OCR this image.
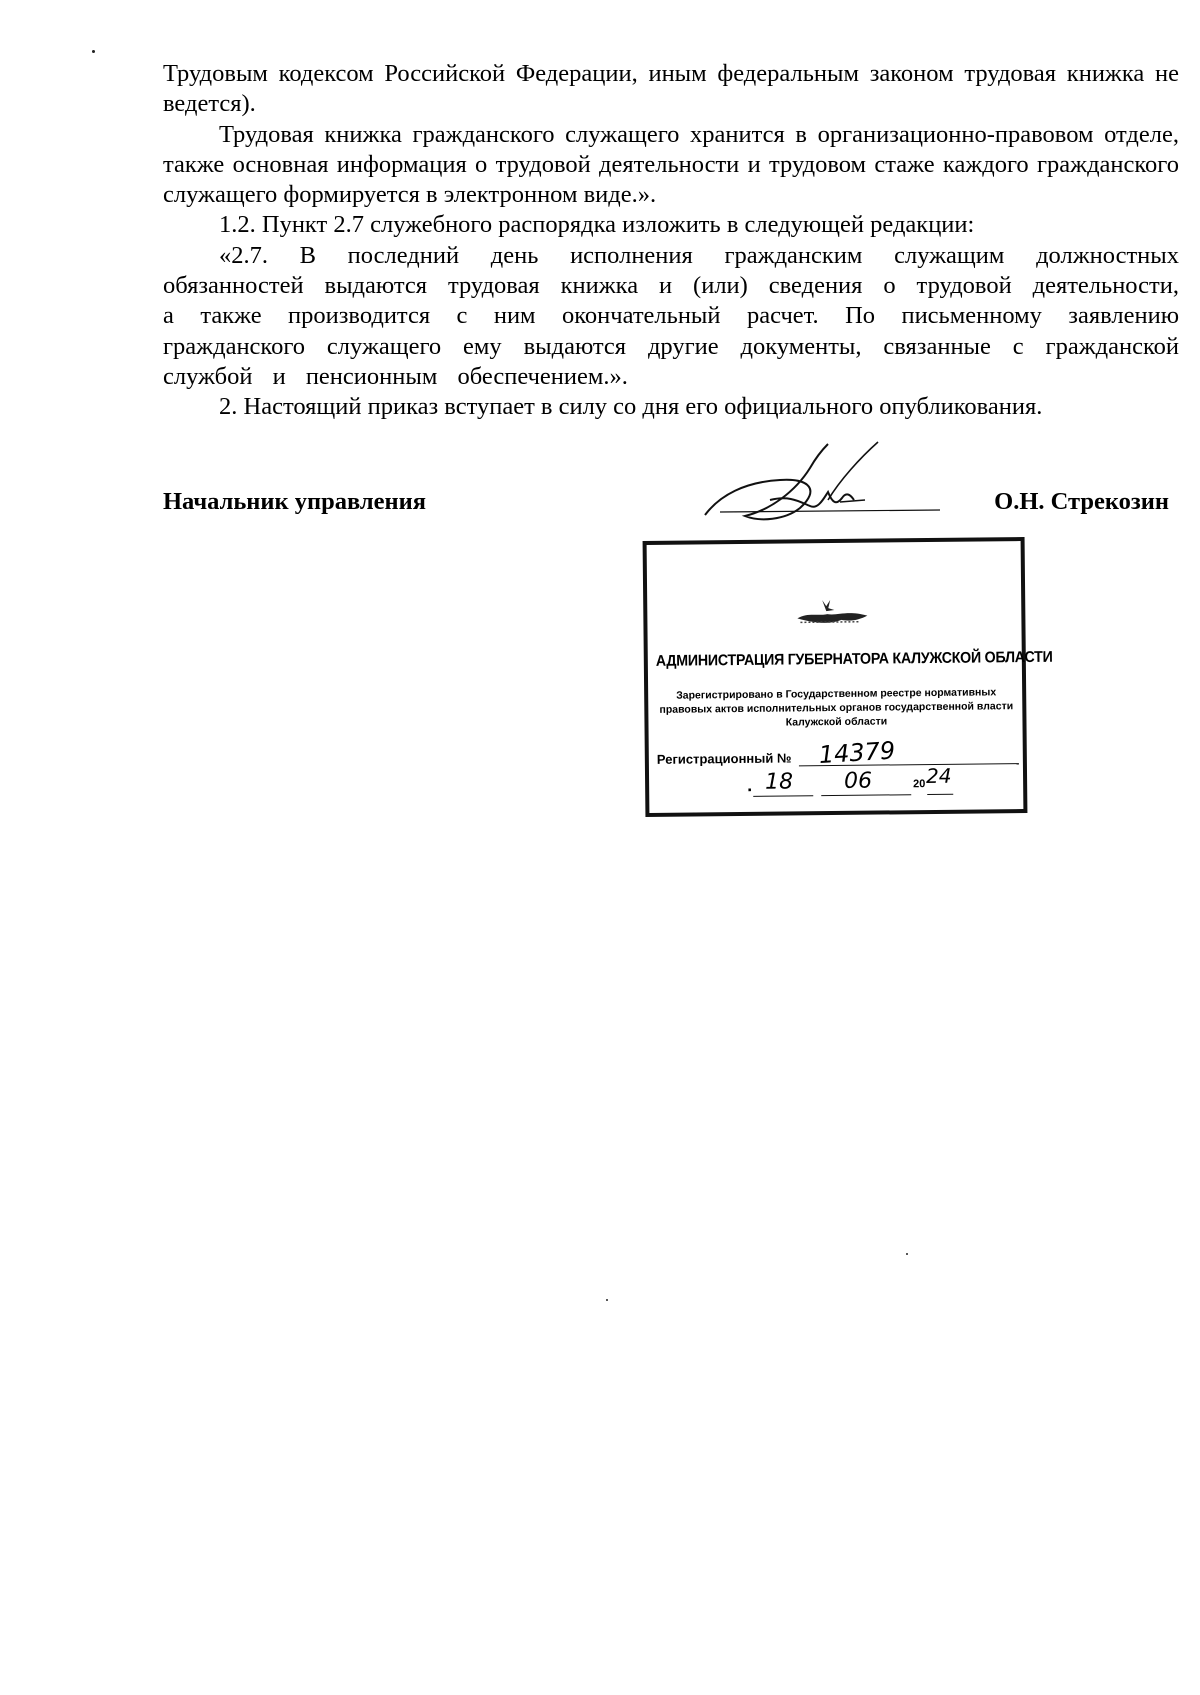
Трудовым кодексом Российской Федерации, иным федеральным законом трудовая книжка не ведется).

Трудовая книжка гражданского служащего хранится в организационно-правовом отделе, также основная информация о трудовой деятельности и трудовом стаже каждого гражданского служащего формируется в электронном виде.».

1.2. Пункт 2.7 служебного распорядка изложить в следующей редакции:

«2.7. В последний день исполнения гражданским служащим должностных обязанностей выдаются трудовая книжка и (или) сведения о трудовой деятельности, а также производится с ним окончательный расчет. По письменному заявлению гражданского служащего ему выдаются другие документы, связанные с гражданской службой и пенсионным обеспечением.».

2. Настоящий приказ вступает в силу со дня его официального опубликования.

Начальник управления	О.Н. Стрекозин
АДМИНИСТРАЦИЯ ГУБЕРНАТОРА КАЛУЖСКОЙ ОБЛАСТИ
Зарегистрировано в Государственном реестре нормативных правовых актов исполнительных органов государственной власти Калужской области
Регистрационный № 14379
· 18 06	20 24
